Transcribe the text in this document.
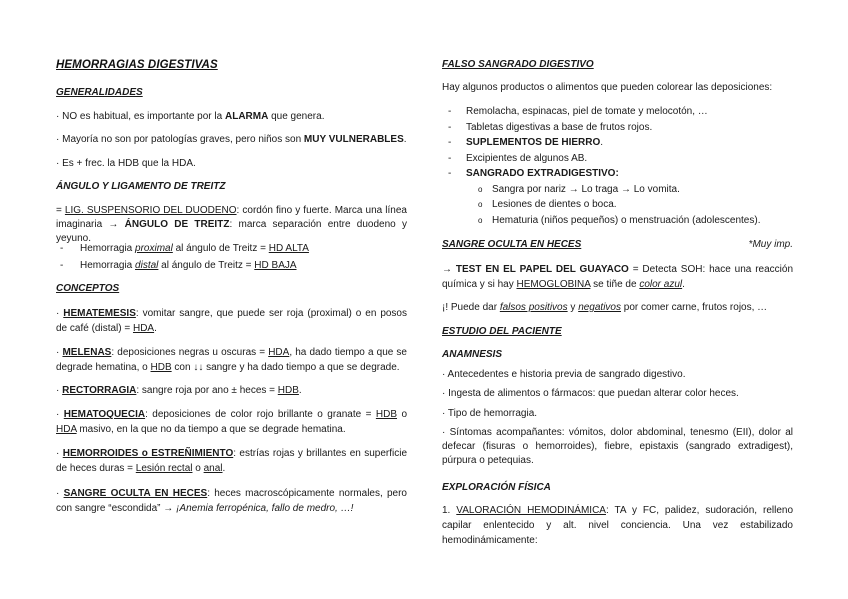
HEMORRAGIAS DIGESTIVAS
GENERALIDADES

· NO es habitual, es importante por la ALARMA que genera.

· Mayoría no son por patologías graves, pero niños son MUY VULNERABLES.

· Es + frec. la HDB que la HDA.

ÁNGULO Y LIGAMENTO DE TREITZ

= LIG. SUSPENSORIO DEL DUODENO: cordón fino y fuerte. Marca una línea imaginaria → ÁNGULO DE TREITZ: marca separación entre duodeno y yeyuno.

-	Hemorragia proximal al ángulo de Treitz = HD ALTA
-	Hemorragia distal al ángulo de Treitz = HD BAJA
CONCEPTOS

· HEMATEMESIS: vomitar sangre, que puede ser roja (proximal) o en posos de café (distal) = HDA.

· MELENAS: deposiciones negras u oscuras = HDA, ha dado tiempo a que se degrade hematina, o HDB con ↓↓ sangre y ha dado tiempo a que se degrade.

· RECTORRAGIA: sangre roja por ano ± heces = HDB.

· HEMATOQUECIA: deposiciones de color rojo brillante o granate = HDB o HDA masivo, en la que no da tiempo a que se degrade hematina.

· HEMORROIDES o ESTREÑIMIENTO: estrías rojas y brillantes en superficie de heces duras = Lesión rectal o anal.

· SANGRE OCULTA EN HECES: heces macroscópicamente normales, pero con sangre “escondida” → ¡Anemia ferropénica, fallo de medro, …!

FALSO SANGRADO DIGESTIVO

Hay algunos productos o alimentos que pueden colorear las deposiciones:

-	Remolacha, espinacas, piel de tomate y melocotón, …
-	Tabletas digestivas a base de frutos rojos.
-	SUPLEMENTOS DE HIERRO.
-	Excipientes de algunos AB.
-	SANGRADO EXTRADIGESTIVO:
o Sangra por nariz → Lo traga → Lo vomita.
o Lesiones de dientes o boca.
o Hematuria (niños pequeños) o menstruación (adolescentes).
SANGRE OCULTA EN HECES	*Muy imp.

→ TEST EN EL PAPEL DEL GUAYACO = Detecta SOH: hace una reacción química y si hay HEMOGLOBINA se tiñe de color azul.

¡! Puede dar falsos positivos y negativos por comer carne, frutos rojos, …

ESTUDIO DEL PACIENTE
ANAMNESIS

· Antecedentes e historia previa de sangrado digestivo.

· Ingesta de alimentos o fármacos: que puedan alterar color heces.

· Tipo de hemorragia.

· Síntomas acompañantes: vómitos, dolor abdominal, tenesmo (EII), dolor al defecar (fisuras o hemorroides), fiebre, epistaxis (sangrado extradigest), púrpura o petequias.

EXPLORACIÓN FÍSICA

1. VALORACIÓN HEMODINÁMICA: TA y FC, palidez, sudoración, relleno capilar enlentecido y alt. nivel conciencia. Una vez estabilizado hemodinámicamente:
